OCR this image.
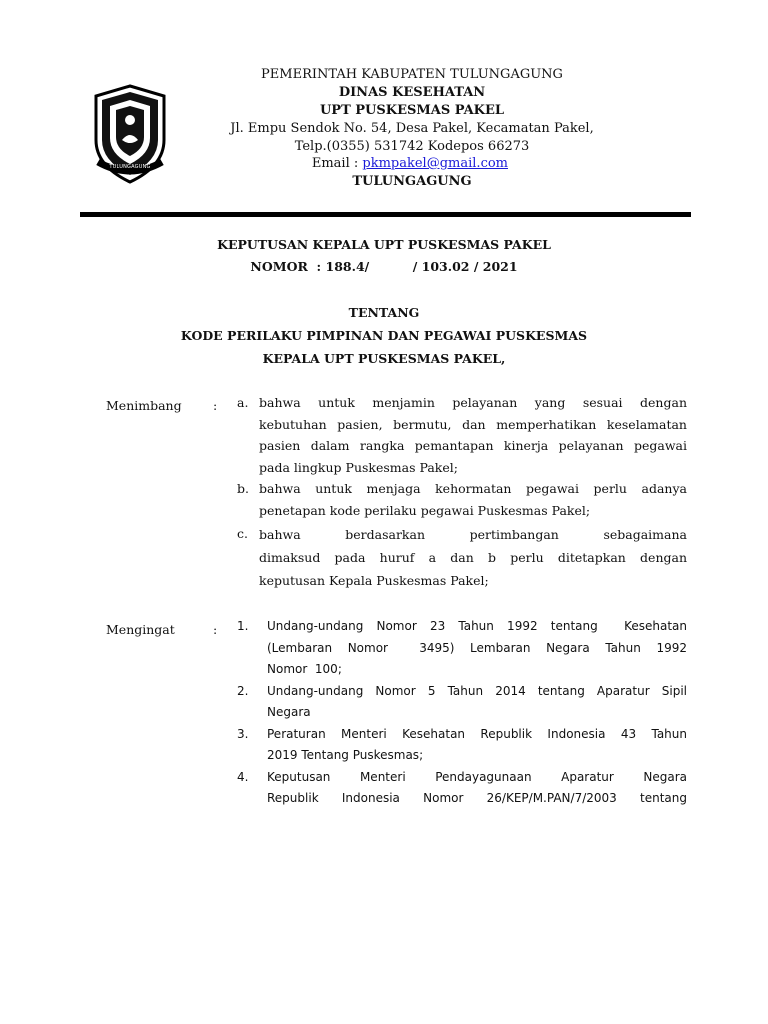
TULUNGAGUNG
PEMERINTAH KABUPATEN TULUNGAGUNG
DINAS KESEHATAN
UPT PUSKESMAS PAKEL
Jl. Empu Sendok No. 54, Desa Pakel, Kecamatan Pakel,
Telp.(0355) 531742 Kodepos 66273
Email : pkmpakel@gmail.com
TULUNGAGUNG
KEPUTUSAN KEPALA UPT PUSKESMAS PAKEL
NOMOR  : 188.4/          / 103.02 / 2021
TENTANG
KODE PERILAKU PIMPINAN DAN PEGAWAI PUSKESMAS
KEPALA UPT PUSKESMAS PAKEL,
Menimbang	: a. bahwa untuk menjamin pelayanan yang sesuai dengan
kebutuhan pasien, bermutu, dan memperhatikan keselamatan
pasien dalam rangka pemantapan kinerja pelayanan pegawai
pada lingkup Puskesmas Pakel;
b. bahwa untuk menjaga kehormatan pegawai perlu adanya
penetapan kode perilaku pegawai Puskesmas Pakel;
c. bahwa berdasarkan pertimbangan sebagaimana
dimaksud pada huruf a dan b perlu ditetapkan dengan
keputusan Kepala Puskesmas Pakel;
Mengingat	: 1.	Undang-undang Nomor 23 Tahun 1992 tentang  Kesehatan
(Lembaran Nomor  3495) Lembaran Negara Tahun 1992
Nomor  100;
2.	Undang-undang Nomor 5 Tahun 2014 tentang Aparatur Sipil
Negara
3.	Peraturan Menteri Kesehatan Republik Indonesia 43 Tahun
2019 Tentang Puskesmas;
4.	Keputusan Menteri Pendayagunaan Aparatur Negara
Republik Indonesia Nomor 26/KEP/M.PAN/7/2003 tentang
